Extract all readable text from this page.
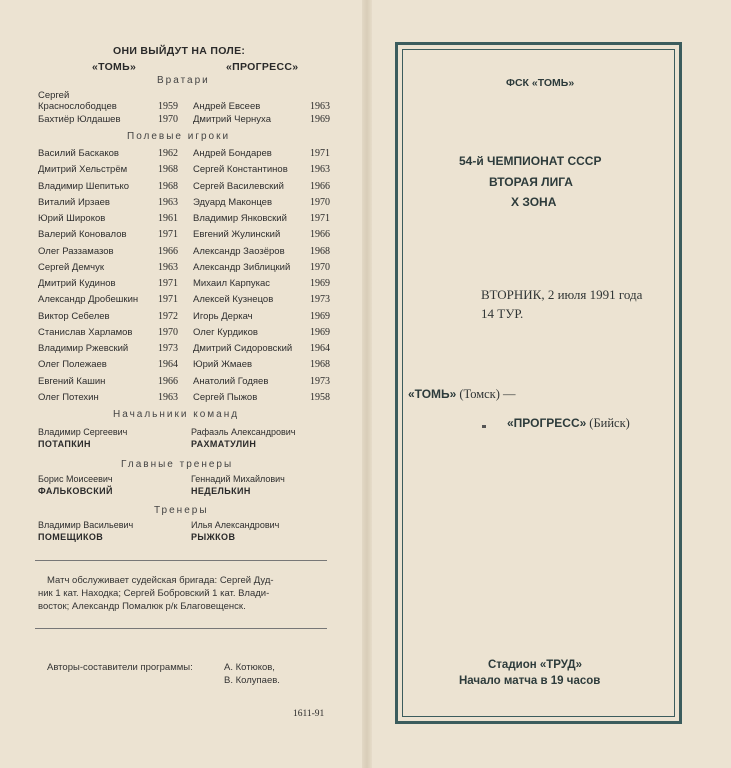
ОНИ ВЫЙДУТ НА ПОЛЕ:
«ТОМЬ»	«ПРОГРЕСС»
Вратари
Сергей
Краснослободцев	1959 Андрей Евсеев	1963
Бахтиёр Юлдашев	1970 Дмитрий Чернуха	1969
Полевые игроки
Василий Баскаков	1962 Андрей Бондарев	1971
Дмитрий Хельстрём	1968 Сергей Константинов 1963
Владимир Шепитько	1968 Сергей Василевский	1966
Виталий Ирзаев	1963 Эдуард Маконцев	1970
Юрий Широков	1961 Владимир Янковский 1971
Валерий Коновалов	1971 Евгений Жулинский	1966
Олег Раззамазов	1966 Александр Заозёров	1968
Сергей Демчук	1963 Александр Зиблицкий 1970
Дмитрий Кудинов	1971 Михаил Карпукас	1969
Александр Дробешкин 1971 Алексей Кузнецов	1973
Виктор Себелев	1972 Игорь Деркач	1969
Станислав Харламов	1970 Олег Курдиков	1969
Владимир Ржевский	1973 Дмитрий Сидоровский 1964
Олег Полежаев	1964 Юрий Жмаев	1968
Евгений Кашин	1966 Анатолий Годяев	1973
Олег Потехин	1963 Сергей Пыжов	1958
Начальники команд
Владимир Сергеевич
ПОТАПКИН
Рафаэль Александрович
РАХМАТУЛИН
Главные тренеры
Борис Моисеевич
ФАЛЬКОВСКИЙ
Геннадий Михайлович
НЕДЕЛЬКИН
Тренеры
Владимир Васильевич
ПОМЕЩИКОВ
Илья Александрович
РЫЖКОВ
Матч обслуживает судейская бригада: Сергей Дуд-
ник 1 кат. Находка; Сергей Бобровский 1 кат. Влади-
восток; Александр Помалюк р/к Благовещенск.
Авторы-составители программы:	А. Котюков,
В. Колупаев.
1611-91
ФСК «ТОМЬ»
54-й ЧЕМПИОНАТ СССР
ВТОРАЯ ЛИГА
X ЗОНА
ВТОРНИК, 2 июля 1991 года
14 ТУР.
«ТОМЬ» (Томск) —
«ПРОГРЕСС» (Бийск)
Стадион «ТРУД»
Начало матча в 19 часов
